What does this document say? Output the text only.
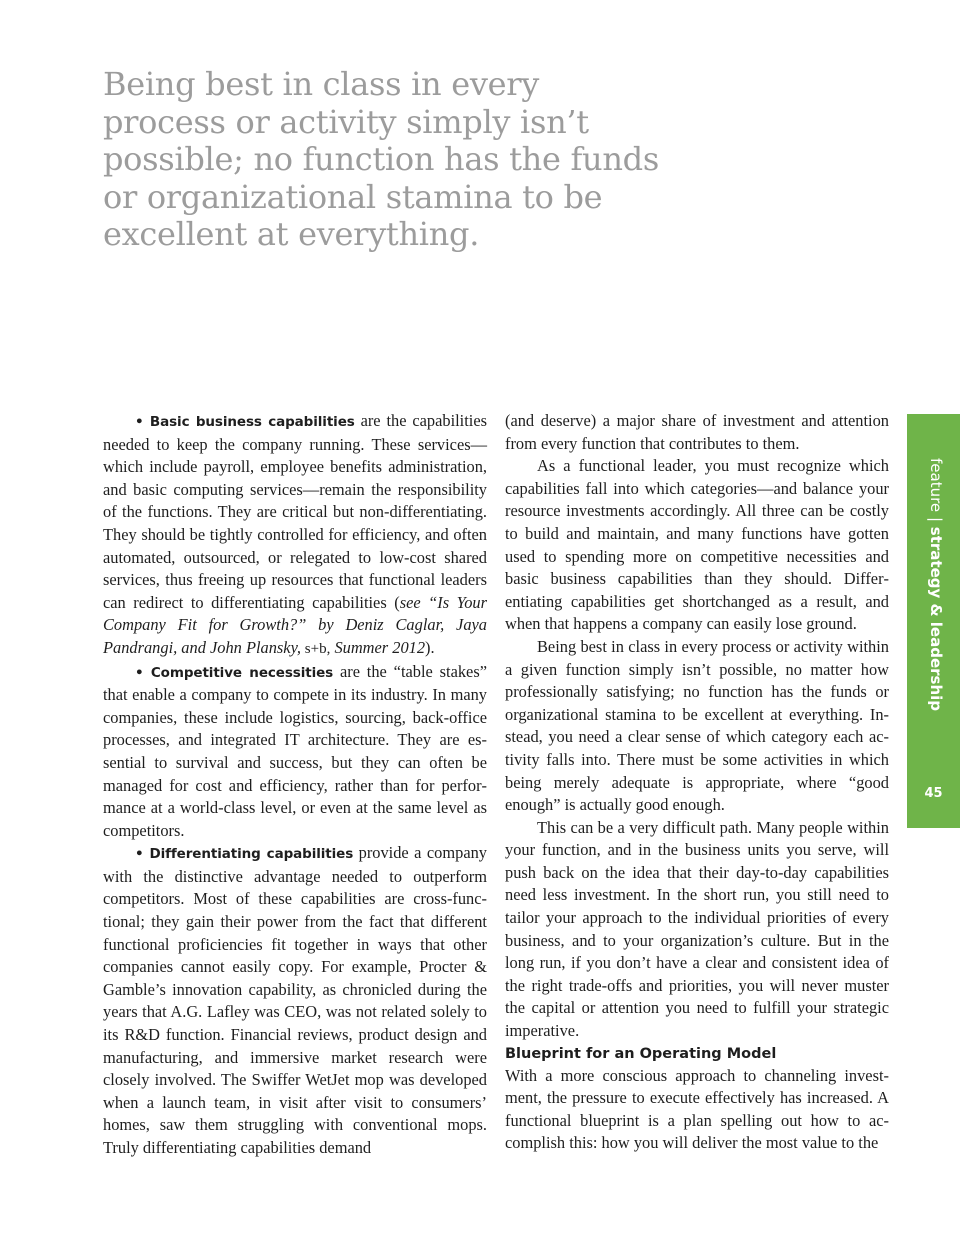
Being best in class in every process or activity simply isn’t possible; no function has the funds or organizational stamina to be excellent at everything.

• Basic business capabilities are the capabilities needed to keep the company running. These services—which include payroll, employee benefits administration, and basic computing services—remain the responsibility of the functions. They are critical but non-differentiating. They should be tightly controlled for efficiency, and often automated, outsourced, or relegated to low-cost shared services, thus freeing up resources that functional leaders can redirect to differentiating capabilities (see “Is Your Company Fit for Growth?” by Deniz Caglar, Jaya Pandrangi, and John Plansky, s+b, Summer 2012).

• Competitive necessities are the “table stakes” that enable a company to compete in its industry. In many companies, these include logistics, sourcing, back-office processes, and integrated IT architecture. They are essential to survival and success, but they can often be managed for cost and efficiency, rather than for performance at a world-class level, or even at the same level as competitors.

• Differentiating capabilities provide a company with the distinctive advantage needed to outperform competitors. Most of these capabilities are cross-functional; they gain their power from the fact that different functional proficiencies fit together in ways that other companies cannot easily copy. For example, Procter & Gamble’s innovation capability, as chronicled during the years that A.G. Lafley was CEO, was not related solely to its R&D function. Financial reviews, product design and manufacturing, and immersive market research were closely involved. The Swiffer WetJet mop was developed when a launch team, in visit after visit to consumers’ homes, saw them struggling with conventional mops. Truly differentiating capabilities demand

(and deserve) a major share of investment and attention from every function that contributes to them.

As a functional leader, you must recognize which capabilities fall into which categories—and balance your resource investments accordingly. All three can be costly to build and maintain, and many functions have gotten used to spending more on competitive necessities and basic business capabilities than they should. Differentiating capabilities get shortchanged as a result, and when that happens a company can easily lose ground.

Being best in class in every process or activity within a given function simply isn’t possible, no matter how professionally satisfying; no function has the funds or organizational stamina to be excellent at everything. Instead, you need a clear sense of which category each activity falls into. There must be some activities in which being merely adequate is appropriate, where “good enough” is actually good enough.

This can be a very difficult path. Many people within your function, and in the business units you serve, will push back on the idea that their day-to-day capabilities need less investment. In the short run, you still need to tailor your approach to the individual priorities of every business, and to your organization’s culture. But in the long run, if you don’t have a clear and consistent idea of the right trade-offs and priorities, you will never muster the capital or attention you need to fulfill your strategic imperative.

Blueprint for an Operating Model

With a more conscious approach to channeling investment, the pressure to execute effectively has increased. A functional blueprint is a plan spelling out how to accomplish this: how you will deliver the most value to the

feature | strategy & leadership
45
